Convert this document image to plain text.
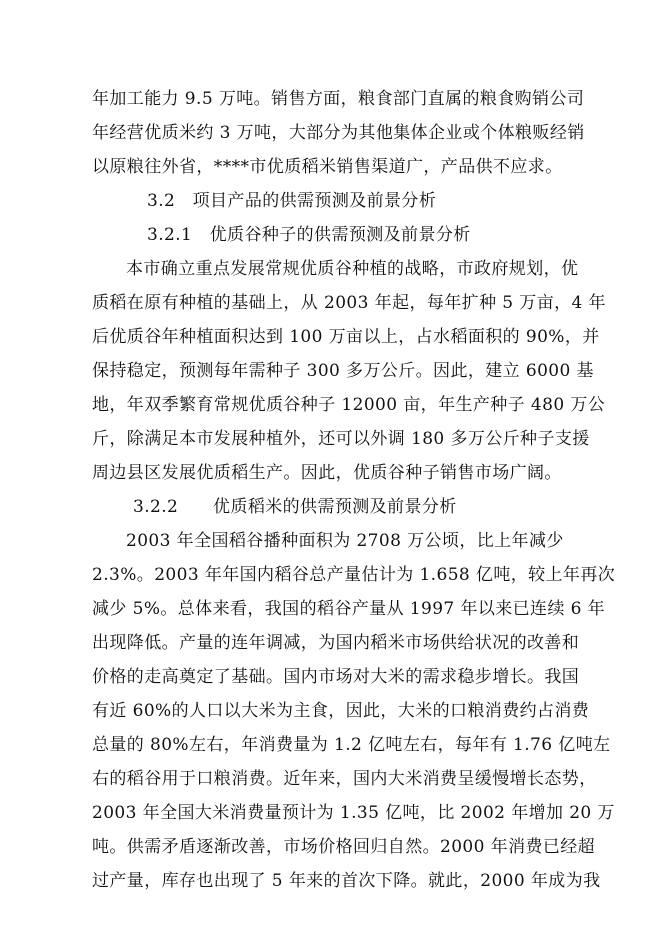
年加工能力 9.5 万吨。销售方面，粮食部门直属的粮食购销公司
年经营优质米约 3 万吨，大部分为其他集体企业或个体粮贩经销
以原粮往外省，****市优质稻米销售渠道广，产品供不应求。
3.2　项目产品的供需预测及前景分析
3.2.1　优质谷种子的供需预测及前景分析
本市确立重点发展常规优质谷种植的战略，市政府规划，优
质稻在原有种植的基础上，从 2003 年起，每年扩种 5 万亩，4 年
后优质谷年种植面积达到 100 万亩以上，占水稻面积的 90%，并
保持稳定，预测每年需种子 300 多万公斤。因此，建立 6000 基
地，年双季繁育常规优质谷种子 12000 亩，年生产种子 480 万公
斤，除满足本市发展种植外，还可以外调 180 多万公斤种子支援
周边县区发展优质稻生产。因此，优质谷种子销售市场广阔。
3.2.2　　优质稻米的供需预测及前景分析
2003 年全国稻谷播种面积为 2708 万公顷，比上年减少
2.3%。2003 年年国内稻谷总产量估计为 1.658 亿吨，较上年再次
减少 5%。总体来看，我国的稻谷产量从 1997 年以来已连续 6 年
出现降低。产量的连年调减，为国内稻米市场供给状况的改善和
价格的走高奠定了基础。国内市场对大米的需求稳步增长。我国
有近 60%的人口以大米为主食，因此，大米的口粮消费约占消费
总量的 80%左右，年消费量为 1.2 亿吨左右，每年有 1.76 亿吨左
右的稻谷用于口粮消费。近年来，国内大米消费呈缓慢增长态势，
2003 年全国大米消费量预计为 1.35 亿吨，比 2002 年增加 20 万
吨。供需矛盾逐渐改善，市场价格回归自然。2000 年消费已经超
过产量，库存也出现了 5 年来的首次下降。就此，2000 年成为我
